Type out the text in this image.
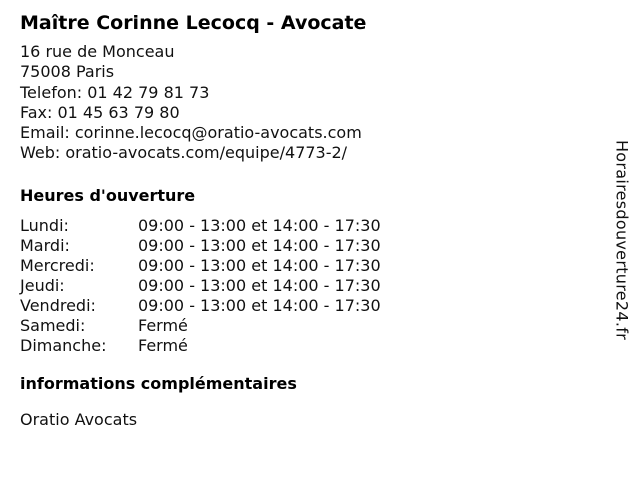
Maître Corinne Lecocq - Avocate
16 rue de Monceau
75008 Paris
Telefon: 01 42 79 81 73
Fax: 01 45 63 79 80
Email: corinne.lecocq@oratio-avocats.com
Web: oratio-avocats.com/equipe/4773-2/
Heures d'ouverture
Lundi:	09:00 - 13:00 et 14:00 - 17:30
Mardi:	09:00 - 13:00 et 14:00 - 17:30
Mercredi:	09:00 - 13:00 et 14:00 - 17:30
Jeudi:	09:00 - 13:00 et 14:00 - 17:30
Vendredi:	09:00 - 13:00 et 14:00 - 17:30
Samedi:	Fermé
Dimanche:	Fermé
informations complémentaires
Oratio Avocats
Horairesdouverture24.fr
